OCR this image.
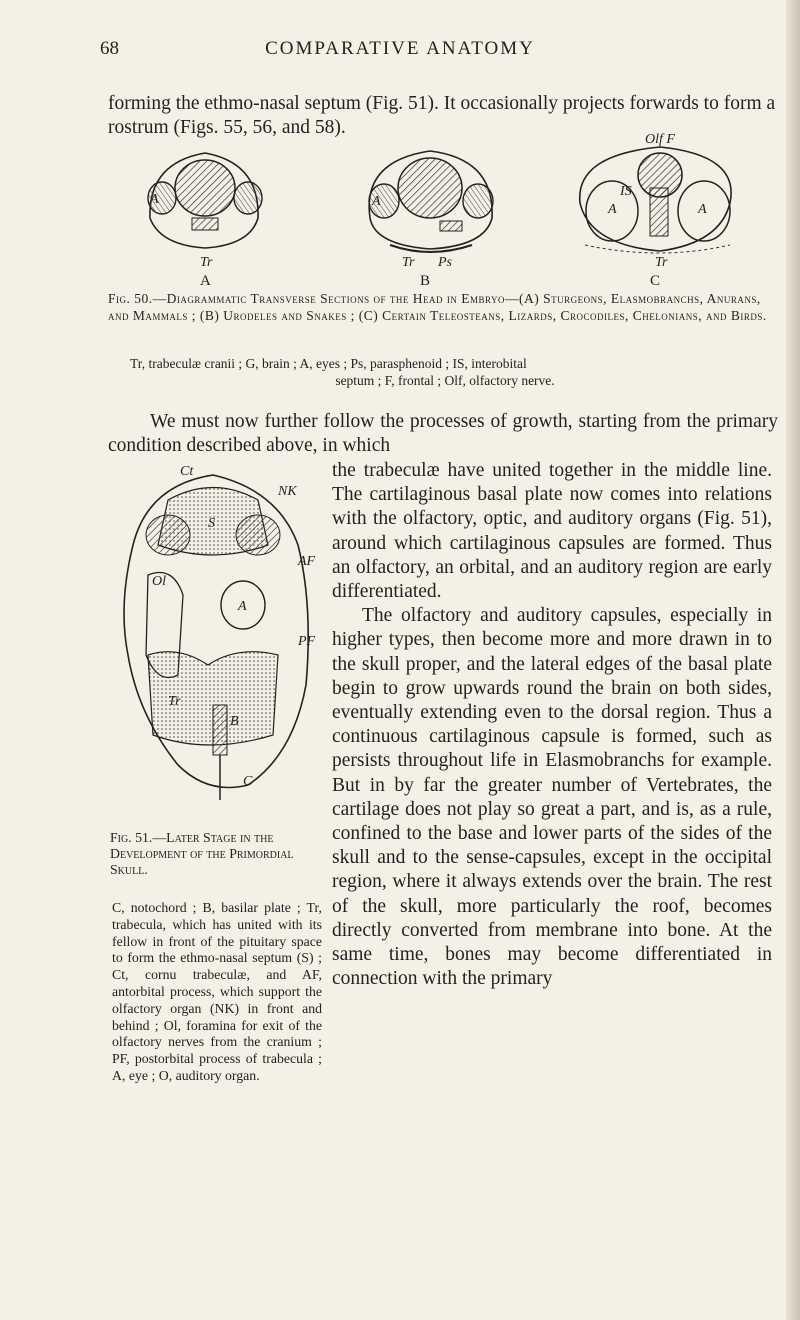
68	COMPARATIVE ANATOMY
forming the ethmo-nasal septum (Fig. 51). It occasionally projects forwards to form a rostrum (Figs. 55, 56, and 58).
A
Tr
A
Tr Ps
Olf F
IS
A	A
Tr
A	B	C
Fig. 50.—Diagrammatic Transverse Sections of the Head in Embryo—(A) Sturgeons, Elasmobranchs, Anurans, and Mammals ; (B) Urodeles and Snakes ; (C) Certain Teleosteans, Lizards, Crocodiles, Chelonians, and Birds.
Tr, trabeculæ cranii ; G, brain ; A, eyes ; Ps, parasphenoid ; IS, interobital
septum ; F, frontal ; Olf, olfactory nerve.
We must now further follow the processes of growth, starting from the primary condition described above, in which
Ct
NK
AF
S
Ol
A
PF
Tr
B
C
Fig. 51.—Later Stage in the Development of the Primordial Skull.
C, notochord ; B, basilar plate ; Tr, trabecula, which has united with its fellow in front of the pituitary space to form the ethmo-nasal septum (S) ; Ct, cornu trabeculæ, and AF, antorbital process, which support the olfactory organ (NK) in front and behind ; Ol, foramina for exit of the olfactory nerves from the cranium ; PF, postorbital process of trabecula ; A, eye ; O, auditory organ.

the trabeculæ have united together in the middle line. The cartilaginous basal plate now comes into relations with the olfactory, optic, and auditory organs (Fig. 51), around which cartilaginous capsules are formed. Thus an olfactory, an orbital, and an auditory region are early differentiated.

The olfactory and auditory capsules, especially in higher types, then become more and more drawn in to the skull proper, and the lateral edges of the basal plate begin to grow upwards round the brain on both sides, eventually extending even to the dorsal region. Thus a continuous cartilaginous capsule is formed, such as persists throughout life in Elasmobranchs for example. But in by far the greater number of Vertebrates, the cartilage does not play so great a part, and is, as a rule, confined to the base and lower parts of the sides of the skull and to the sense-capsules, except in the occipital region, where it always extends over the brain. The rest of the skull, more particularly the roof, becomes directly converted from membrane into bone. At the same time, bones may become differentiated in connection with the primary
